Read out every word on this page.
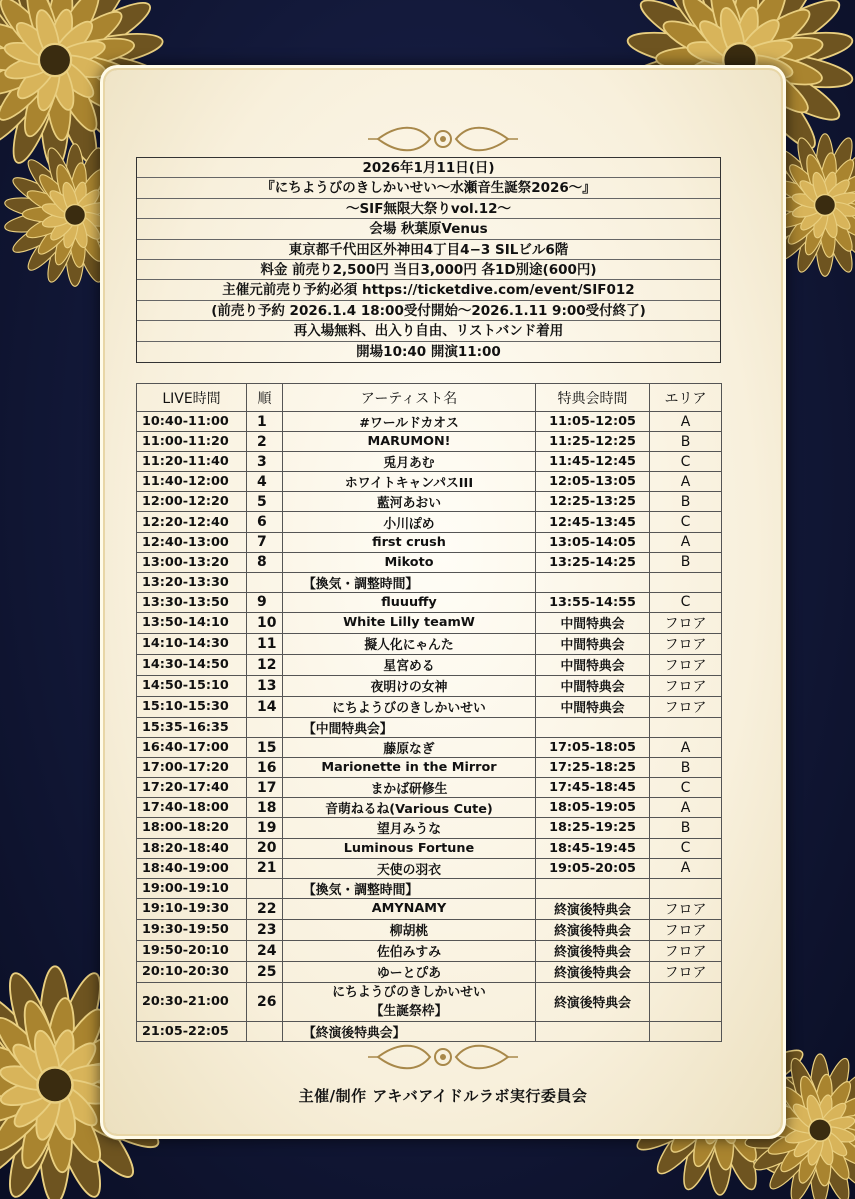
2026年1月11日(日)
『にちようびのきしかいせい〜水瀬音生誕祭2026〜』
〜SIF無限大祭りvol.12〜
会場 秋葉原Venus
東京都千代田区外神田4丁目4−3 SILビル6階
料金 前売り2,500円 当日3,000円 各1D別途(600円)
主催元前売り予約必須 https://ticketdive.com/event/SIF012
(前売り予約 2026.1.4 18:00受付開始〜2026.1.11 9:00受付終了)
再入場無料、出入り自由、リストバンド着用
開場10:40 開演11:00
LIVE時間	順	アーティスト名	特典会時間	エリア
10:40-11:00	1	#ワールドカオス	11:05-12:05	A
11:00-11:20	2	MARUMON!	11:25-12:25	B
11:20-11:40	3	兎月あむ	11:45-12:45	C
11:40-12:00	4	ホワイトキャンパスIII	12:05-13:05	A
12:00-12:20	5	藍河あおい	12:25-13:25	B
12:20-12:40	6	小川ぽめ	12:45-13:45	C
12:40-13:00	7	first crush	13:05-14:05	A
13:00-13:20	8	Mikoto	13:25-14:25	B
13:20-13:30		【換気・調整時間】		
13:30-13:50	9	fluuuffy	13:55-14:55	C
13:50-14:10	10	White Lilly teamW	中間特典会	フロア
14:10-14:30	11	擬人化にゃんた	中間特典会	フロア
14:30-14:50	12	星宮める	中間特典会	フロア
14:50-15:10	13	夜明けの女神	中間特典会	フロア
15:10-15:30	14	にちようびのきしかいせい	中間特典会	フロア
15:35-16:35		【中間特典会】		
16:40-17:00	15	藤原なぎ	17:05-18:05	A
17:00-17:20	16	Marionette in the Mirror	17:25-18:25	B
17:20-17:40	17	まかば研修生	17:45-18:45	C
17:40-18:00	18	音萌ねるね(Various Cute)	18:05-19:05	A
18:00-18:20	19	望月みうな	18:25-19:25	B
18:20-18:40	20	Luminous Fortune	18:45-19:45	C
18:40-19:00	21	天使の羽衣	19:05-20:05	A
19:00-19:10		【換気・調整時間】		
19:10-19:30	22	AMYNAMY	終演後特典会	フロア
19:30-19:50	23	柳胡桃	終演後特典会	フロア
19:50-20:10	24	佐伯みすみ	終演後特典会	フロア
20:10-20:30	25	ゆーとぴあ	終演後特典会	フロア
20:30-21:00	26	にちようびのきしかいせい
【生誕祭枠】	終演後特典会	
21:05-22:05		【終演後特典会】		
主催/制作 アキバアイドルラボ実行委員会
